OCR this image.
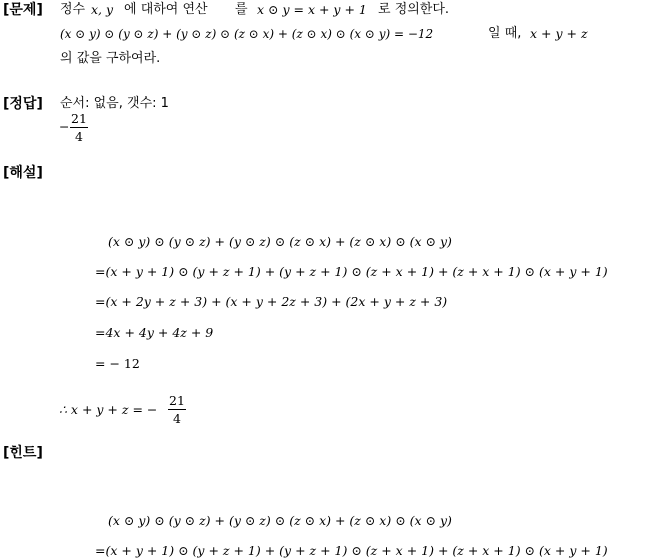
[문제] 정수 x, y 에 대하여 연산 를 x ⊙ y = x + y + 1 로 정의한다.
(x ⊙ y) ⊙ (y ⊙ z) + (y ⊙ z) ⊙ (z ⊙ x) + (z ⊙ x) ⊙ (x ⊙ y) = −12	일 때, x + y + z
의 값을 구하여라.
[정답] 순서: 없음, 갯수: 1
−
21
4
[해설]
(x ⊙ y) ⊙ (y ⊙ z) + (y ⊙ z) ⊙ (z ⊙ x) + (z ⊙ x) ⊙ (x ⊙ y)
=(x + y + 1) ⊙ (y + z + 1) + (y + z + 1) ⊙ (z + x + 1) + (z + x + 1) ⊙ (x + y + 1)
=(x + 2y + z + 3) + (x + y + 2z + 3) + (2x + y + z + 3)
=4x + 4y + 4z + 9
= − 12
∴ x + y + z = −
21
4
[힌트]
(x ⊙ y) ⊙ (y ⊙ z) + (y ⊙ z) ⊙ (z ⊙ x) + (z ⊙ x) ⊙ (x ⊙ y)
=(x + y + 1) ⊙ (y + z + 1) + (y + z + 1) ⊙ (z + x + 1) + (z + x + 1) ⊙ (x + y + 1)
